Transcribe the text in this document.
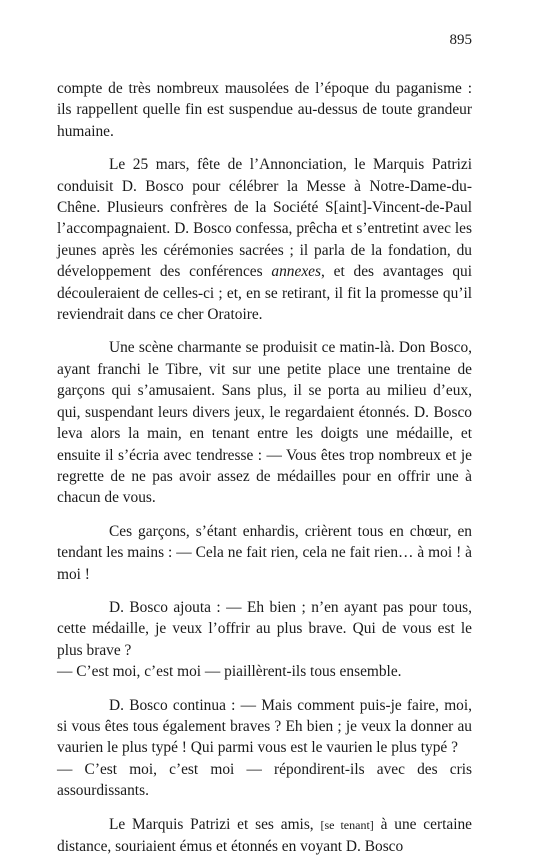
895

compte de très nombreux mausolées de l’époque du paganisme : ils rappellent quelle fin est suspendue au-dessus de toute grandeur humaine.

Le 25 mars, fête de l’Annonciation, le Marquis Patrizi conduisit D. Bosco pour célébrer la Messe à Notre-Dame-du-Chêne. Plusieurs confrères de la Société S[aint]-Vincent-de-Paul l’accompagnaient. D. Bosco confessa, prêcha et s’entretint avec les jeunes après les cérémonies sacrées ; il parla de la fondation, du développement des conférences annexes, et des avantages qui découleraient de celles-ci ; et, en se retirant, il fit la promesse qu’il reviendrait dans ce cher Oratoire.

Une scène charmante se produisit ce matin-là. Don Bosco, ayant franchi le Tibre, vit sur une petite place une trentaine de garçons qui s’amusaient. Sans plus, il se porta au milieu d’eux, qui, suspendant leurs divers jeux, le regardaient étonnés. D. Bosco leva alors la main, en tenant entre les doigts une médaille, et ensuite il s’écria avec tendresse : — Vous êtes trop nombreux et je regrette de ne pas avoir assez de médailles pour en offrir une à chacun de vous.

Ces garçons, s’étant enhardis, crièrent tous en chœur, en tendant les mains : — Cela ne fait rien, cela ne fait rien… à moi ! à moi !

D. Bosco ajouta : — Eh bien ; n’en ayant pas pour tous, cette médaille, je veux l’offrir au plus brave. Qui de vous est le plus brave ?

— C’est moi, c’est moi — piaillèrent-ils tous ensemble.

D. Bosco continua : — Mais comment puis-je faire, moi, si vous êtes tous également braves ? Eh bien ; je veux la donner au vaurien le plus typé ! Qui parmi vous est le vaurien le plus typé ?

— C’est moi, c’est moi — répondirent-ils avec des cris assourdissants.

Le Marquis Patrizi et ses amis, [se tenant] à une certaine distance, souriaient émus et étonnés en voyant D. Bosco
